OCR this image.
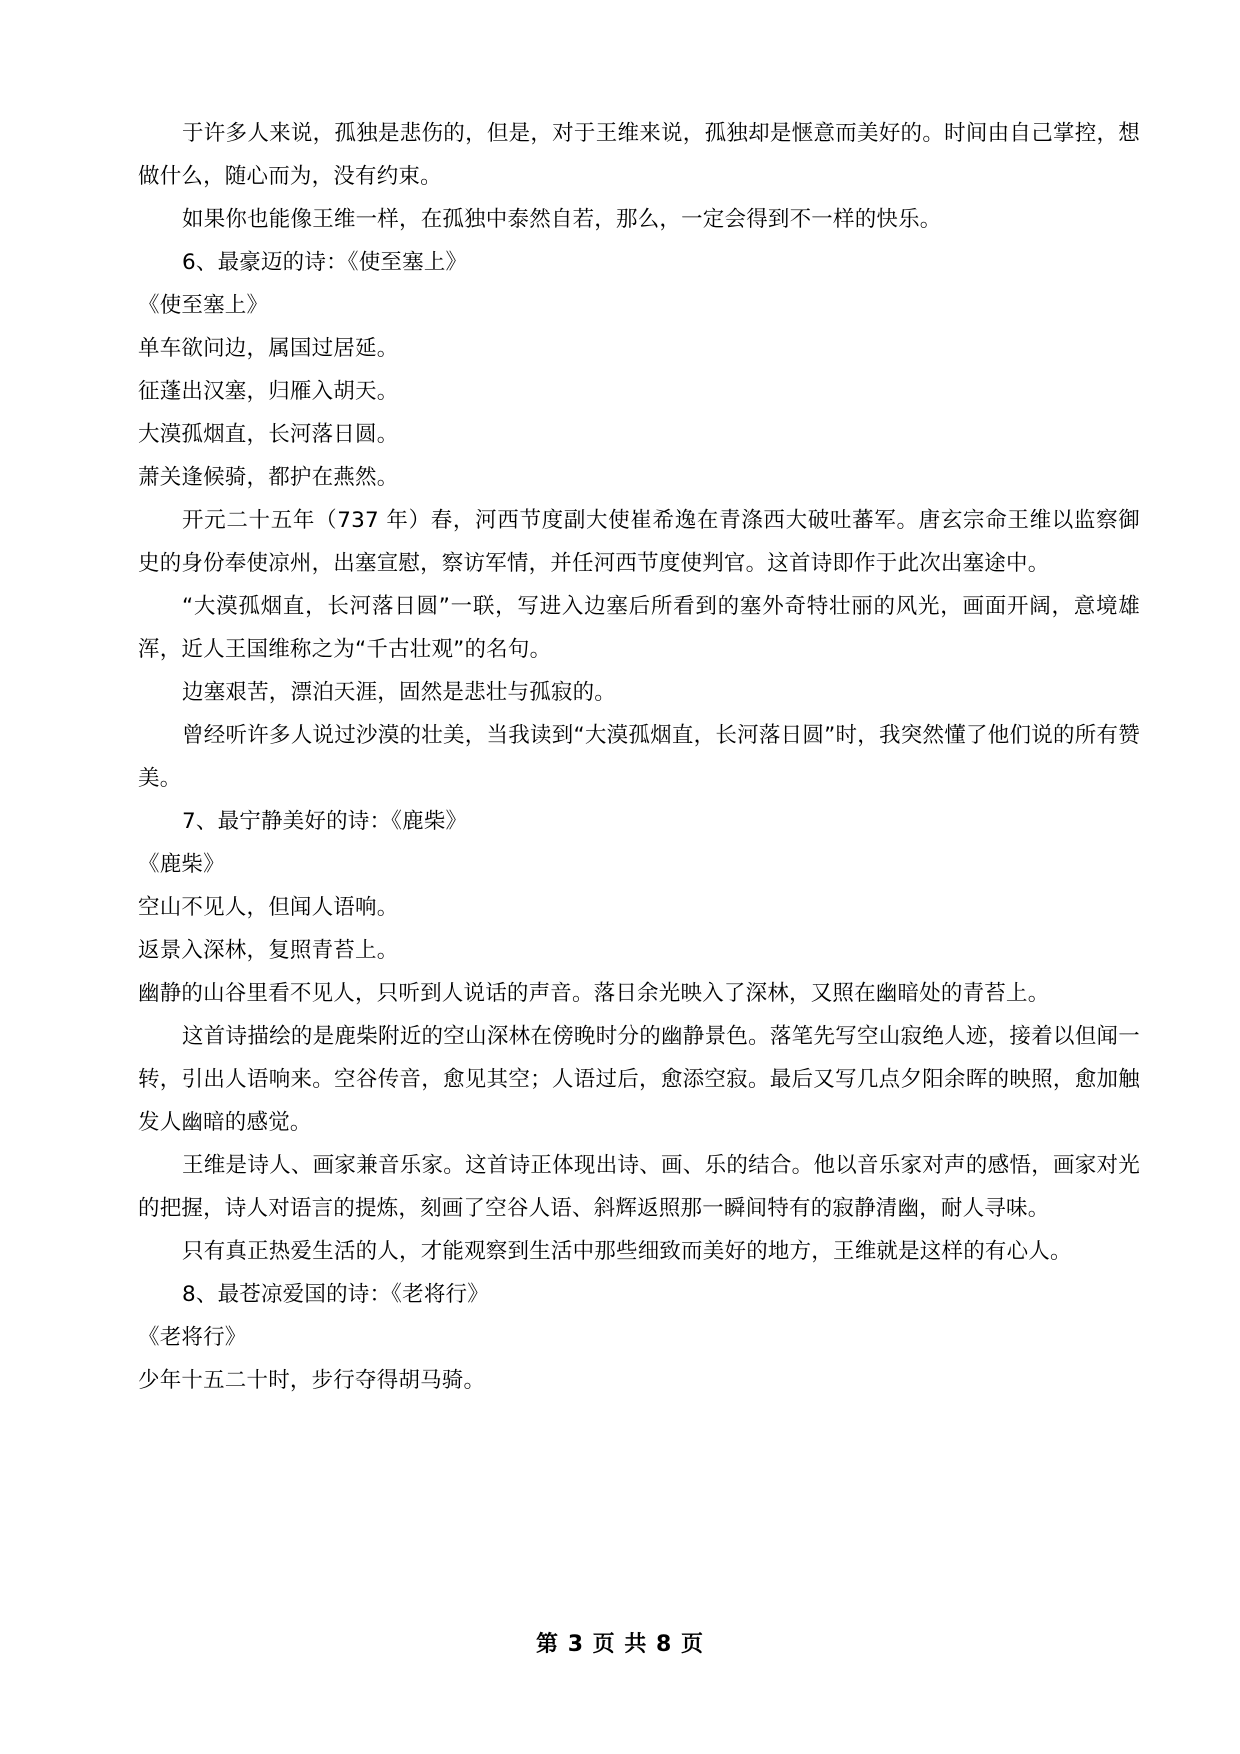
于许多人来说，孤独是悲伤的，但是，对于王维来说，孤独却是惬意而美好的。时间由自己掌控，想做什么，随心而为，没有约束。

如果你也能像王维一样，在孤独中泰然自若，那么，一定会得到不一样的快乐。

6、最豪迈的诗：《使至塞上》

《使至塞上》

单车欲问边，属国过居延。

征蓬出汉塞，归雁入胡天。

大漠孤烟直，长河落日圆。

萧关逢候骑，都护在燕然。

开元二十五年（737 年）春，河西节度副大使崔希逸在青涤西大破吐蕃军。唐玄宗命王维以监察御史的身份奉使凉州，出塞宣慰，察访军情，并任河西节度使判官。这首诗即作于此次出塞途中。

“大漠孤烟直，长河落日圆”一联，写进入边塞后所看到的塞外奇特壮丽的风光，画面开阔，意境雄浑，近人王国维称之为“千古壮观”的名句。

边塞艰苦，漂泊天涯，固然是悲壮与孤寂的。

曾经听许多人说过沙漠的壮美，当我读到“大漠孤烟直，长河落日圆”时，我突然懂了他们说的所有赞美。

7、最宁静美好的诗：《鹿柴》

《鹿柴》

空山不见人，但闻人语响。

返景入深林，复照青苔上。

幽静的山谷里看不见人，只听到人说话的声音。落日余光映入了深林，又照在幽暗处的青苔上。

这首诗描绘的是鹿柴附近的空山深林在傍晚时分的幽静景色。落笔先写空山寂绝人迹，接着以但闻一转，引出人语响来。空谷传音，愈见其空；人语过后，愈添空寂。最后又写几点夕阳余晖的映照，愈加触发人幽暗的感觉。

王维是诗人、画家兼音乐家。这首诗正体现出诗、画、乐的结合。他以音乐家对声的感悟，画家对光的把握，诗人对语言的提炼，刻画了空谷人语、斜辉返照那一瞬间特有的寂静清幽，耐人寻味。

只有真正热爱生活的人，才能观察到生活中那些细致而美好的地方，王维就是这样的有心人。

8、最苍凉爱国的诗：《老将行》

《老将行》

少年十五二十时，步行夺得胡马骑。

第 3 页 共 8 页
